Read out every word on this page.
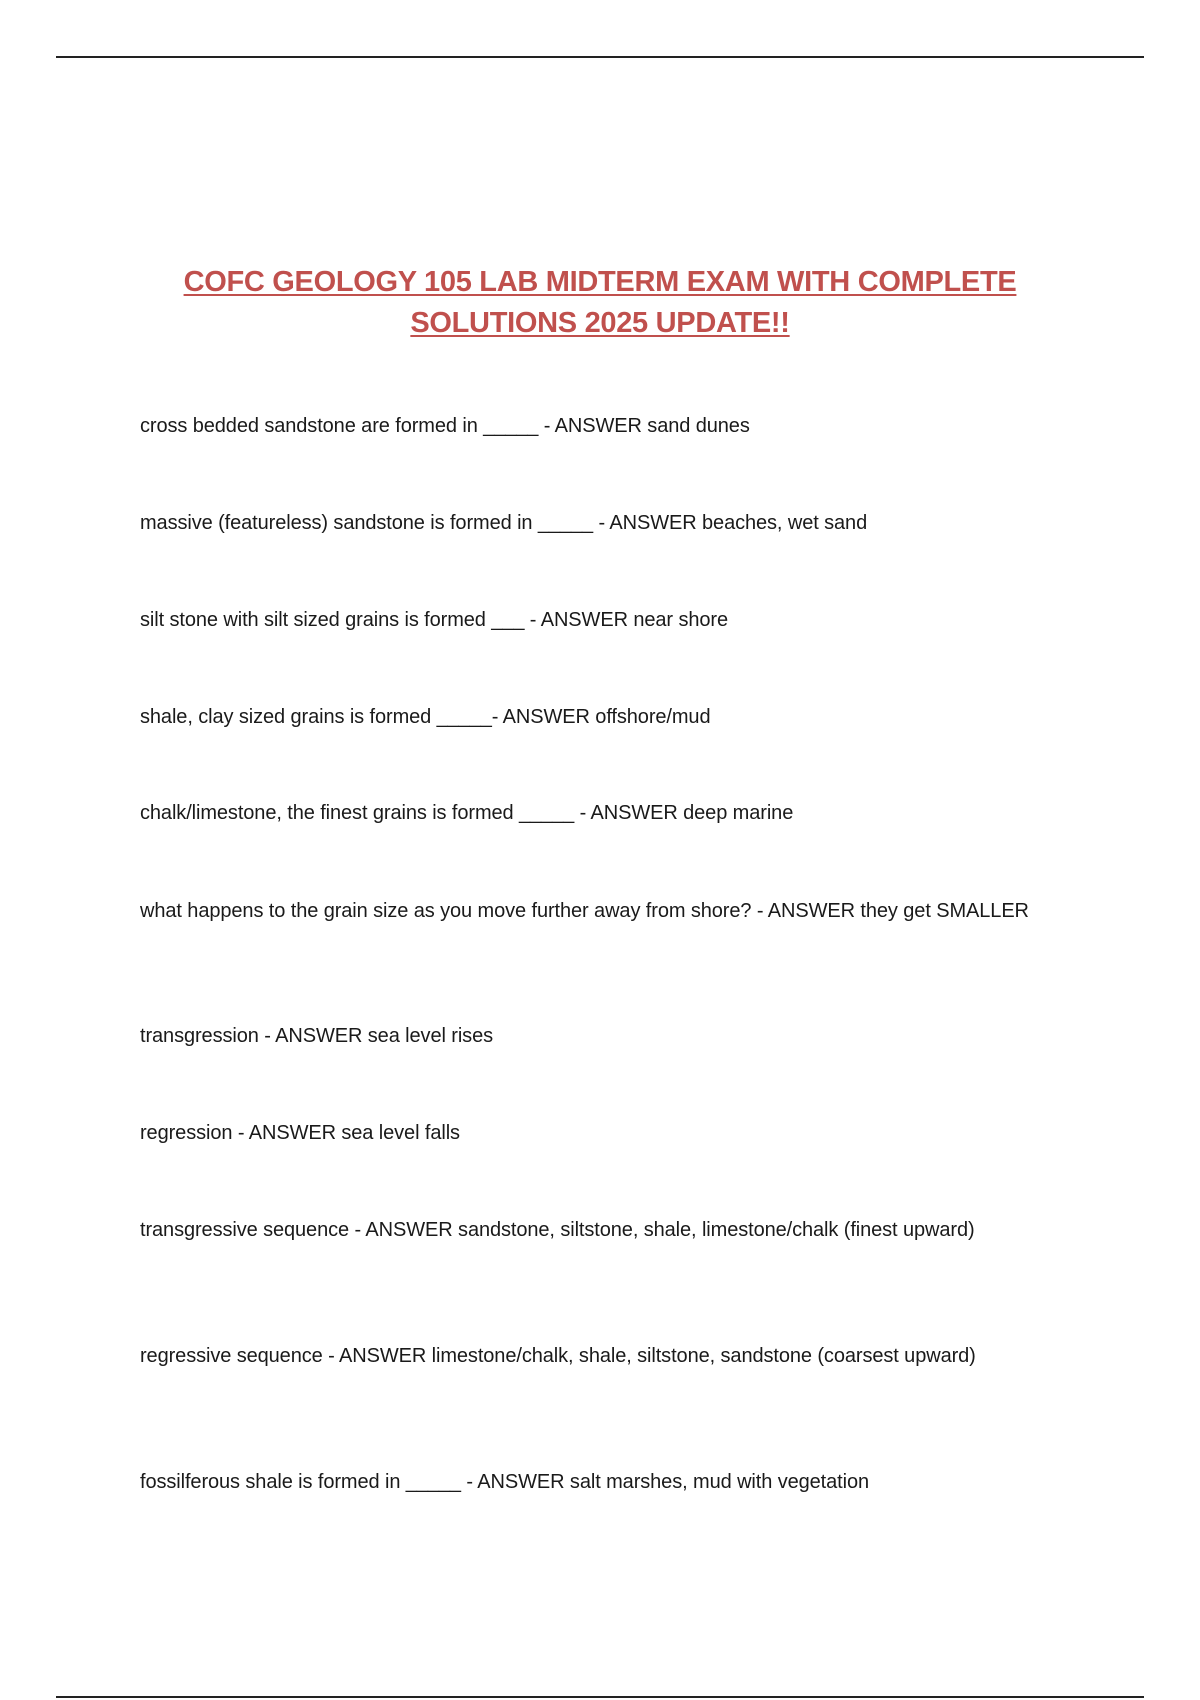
COFC GEOLOGY 105 LAB MIDTERM EXAM WITH COMPLETE
SOLUTIONS 2025 UPDATE!!

cross bedded sandstone are formed in _____ - ANSWER sand dunes

massive (featureless) sandstone is formed in _____ - ANSWER beaches, wet sand

silt stone with silt sized grains is formed ___ - ANSWER near shore

shale, clay sized grains is formed _____- ANSWER offshore/mud

chalk/limestone, the finest grains is formed _____ - ANSWER deep marine

what happens to the grain size as you move further away from shore? - ANSWER they get SMALLER

transgression - ANSWER sea level rises

regression - ANSWER sea level falls

transgressive sequence - ANSWER sandstone, siltstone, shale, limestone/chalk (finest upward)

regressive sequence - ANSWER limestone/chalk, shale, siltstone, sandstone (coarsest upward)

fossilferous shale is formed in _____ - ANSWER salt marshes, mud with vegetation
